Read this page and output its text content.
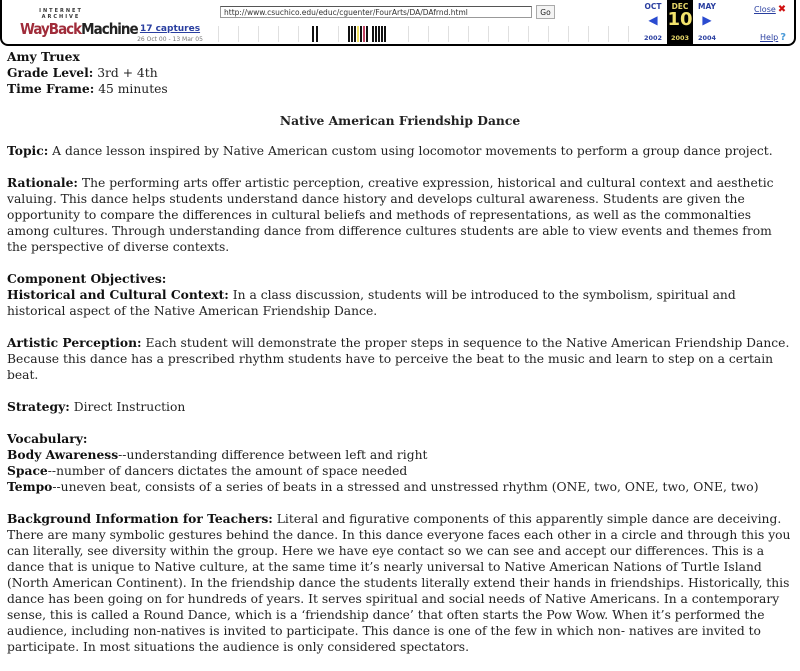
INTERNET ARCHIVE
WayBackMachine 17 captures
26 Oct 00 - 13 Mar 05
http://www.csuchico.edu/educ/cguenter/FourArts/DA/DAfrnd.html	Go
OCT
◀
2002
DEC
10
2003
MAY
▶
2004
Close ✖
Help ?
Amy Truex
Grade Level: 3rd + 4th
Time Frame: 45 minutes
Native American Friendship Dance

Topic: A dance lesson inspired by Native American custom using locomotor movements to perform a group dance project.

Rationale: The performing arts offer artistic perception, creative expression, historical and cultural context and aesthetic valuing. This dance helps students understand dance history and develops cultural awareness. Students are given the opportunity to compare the differences in cultural beliefs and methods of representations, as well as the commonalties among cultures. Through understanding dance from difference cultures students are able to view events and themes from the perspective of diverse contexts.

Component Objectives:

Historical and Cultural Context: In a class discussion, students will be introduced to the symbolism, spiritual and historical aspect of the Native American Friendship Dance.

Artistic Perception: Each student will demonstrate the proper steps in sequence to the Native American Friendship Dance. Because this dance has a prescribed rhythm students have to perceive the beat to the music and learn to step on a certain beat.

Strategy: Direct Instruction

Vocabulary:
Body Awareness--understanding difference between left and right
Space--number of dancers dictates the amount of space needed

Tempo--uneven beat, consists of a series of beats in a stressed and unstressed rhythm (ONE, two, ONE, two, ONE, two)

Background Information for Teachers: Literal and figurative components of this apparently simple dance are deceiving. There are many symbolic gestures behind the dance. In this dance everyone faces each other in a circle and through this you can literally, see diversity within the group. Here we have eye contact so we can see and accept our differences. This is a dance that is unique to Native culture, at the same time it’s nearly universal to Native American Nations of Turtle Island (North American Continent). In the friendship dance the students literally extend their hands in friendships. Historically, this dance has been going on for hundreds of years. It serves spiritual and social needs of Native Americans. In a contemporary sense, this is called a Round Dance, which is a ‘friendship dance’ that often starts the Pow Wow. When it’s performed the audience, including non-natives is invited to participate. This dance is one of the few in which non- natives are invited to participate. In most situations the audience is only considered spectators.
